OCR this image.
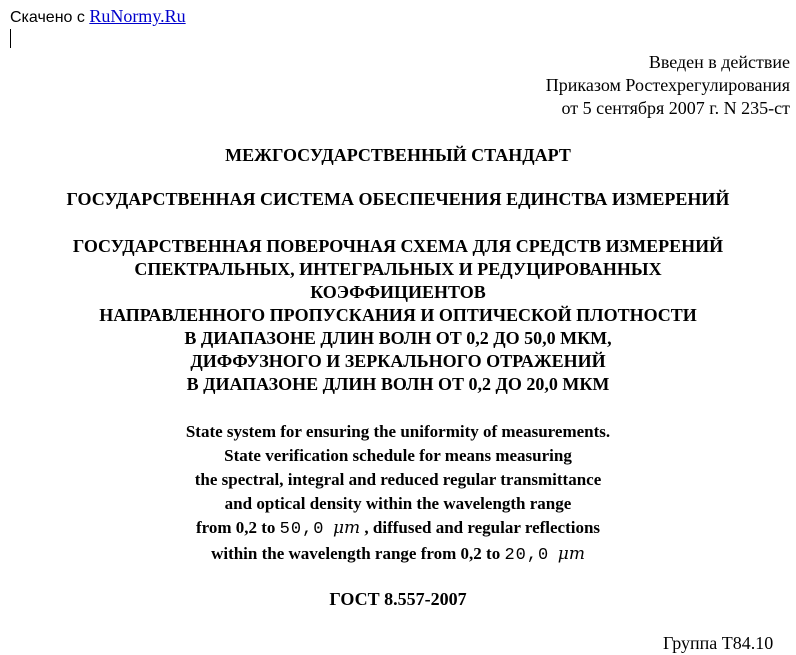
Скачено с RuNormy.Ru
Введен в действие
Приказом Ростехрегулирования
от 5 сентября 2007 г. N 235-ст
МЕЖГОСУДАРСТВЕННЫЙ СТАНДАРТ
ГОСУДАРСТВЕННАЯ СИСТЕМА ОБЕСПЕЧЕНИЯ ЕДИНСТВА ИЗМЕРЕНИЙ
ГОСУДАРСТВЕННАЯ ПОВЕРОЧНАЯ СХЕМА ДЛЯ СРЕДСТВ ИЗМЕРЕНИЙ
СПЕКТРАЛЬНЫХ, ИНТЕГРАЛЬНЫХ И РЕДУЦИРОВАННЫХ
КОЭФФИЦИЕНТОВ
НАПРАВЛЕННОГО ПРОПУСКАНИЯ И ОПТИЧЕСКОЙ ПЛОТНОСТИ
В ДИАПАЗОНЕ ДЛИН ВОЛН ОТ 0,2 ДО 50,0 МКМ,
ДИФФУЗНОГО И ЗЕРКАЛЬНОГО ОТРАЖЕНИЙ
В ДИАПАЗОНЕ ДЛИН ВОЛН ОТ 0,2 ДО 20,0 МКМ
State system for ensuring the uniformity of measurements.
State verification schedule for means measuring
the spectral, integral and reduced regular transmittance
and optical density within the wavelength range
from 0,2 to 50,0 μm , diffused and regular reflections
within the wavelength range from 0,2 to 20,0 μm
ГОСТ 8.557-2007
Группа Т84.10
